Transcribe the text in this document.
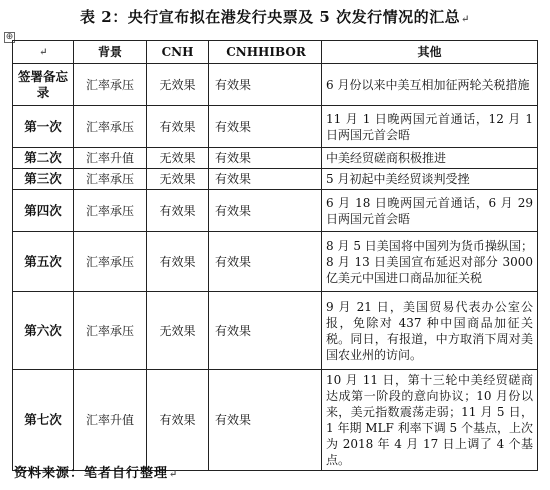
表 2：央行宣布拟在港发行央票及 5 次发行情况的汇总↵
⊕
↵	背景	CNH	CNHHIBOR	其他
签署备忘录	汇率承压	无效果	有效果	6 月份以来中美互相加征两轮关税措施
第一次	汇率承压	有效果	有效果	11 月 1 日晚两国元首通话，12 月 1 日两国元首会晤
第二次	汇率升值	无效果	有效果	中美经贸磋商积极推进
第三次	汇率承压	无效果	有效果	5 月初起中美经贸谈判受挫
第四次	汇率承压	有效果	有效果	6 月 18 日晚两国元首通话，6 月 29 日两国元首会晤
第五次	汇率承压	有效果	有效果	8 月 5 日美国将中国列为货币操纵国；8 月 13 日美国宣布延迟对部分 3000 亿美元中国进口商品加征关税
第六次	汇率承压	无效果	有效果	9 月 21 日，美国贸易代表办公室公报，免除对 437 种中国商品加征关税。同日，有报道，中方取消下周对美国农业州的访问。
第七次	汇率升值	有效果	有效果	10 月 11 日，第十三轮中美经贸磋商达成第一阶段的意向协议；10 月份以来，美元指数震荡走弱；11 月 5 日，1 年期 MLF 利率下调 5 个基点，上次为 2018 年 4 月 17 日上调了 4 个基点。
资料来源：笔者自行整理↵
